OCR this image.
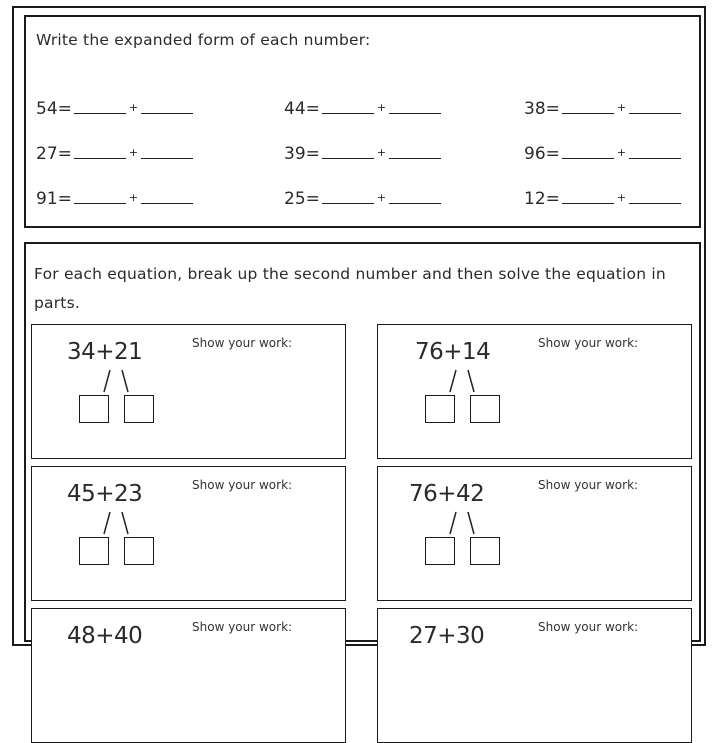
Write the expanded form of each number:
54=	+	44=	+	38=	+
27=	+	39=	+	96=	+
91=	+	25=	+	12=	+
For each equation, break up the second number and then solve the equation in parts.
34+21	Show your work:	76+14	Show your work:
45+23	Show your work:	76+42	Show your work:
48+40	Show your work:	27+30	Show your work:
